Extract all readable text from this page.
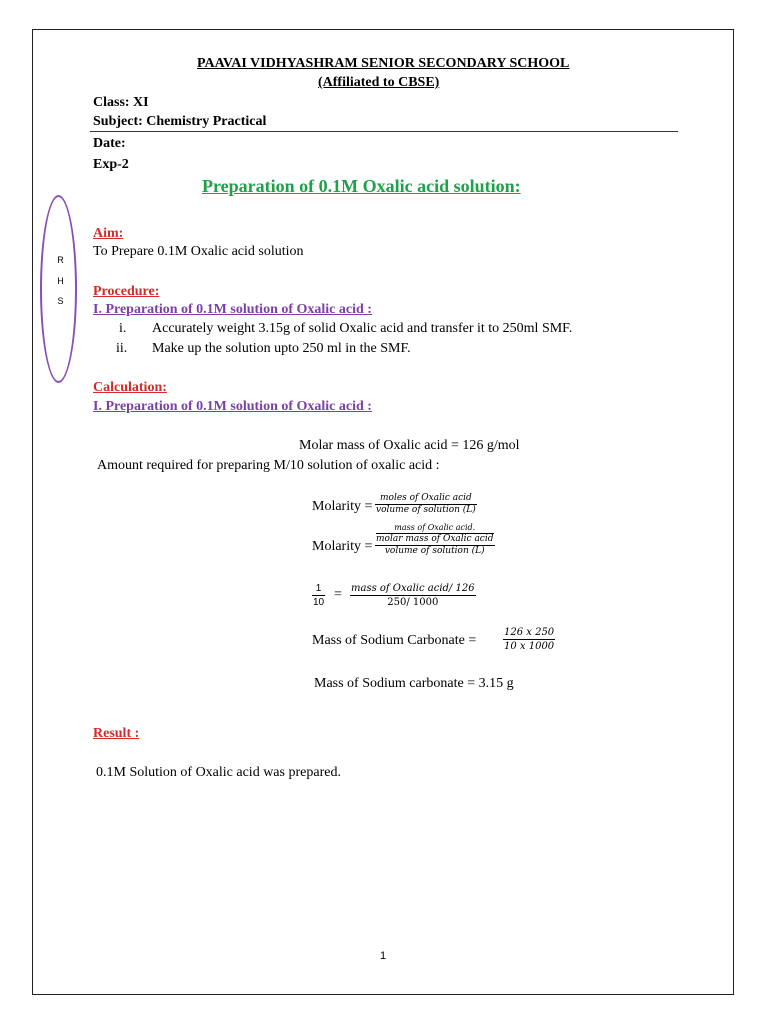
PAAVAI VIDHYASHRAM SENIOR SECONDARY SCHOOL
(Affiliated to CBSE)
Class: XI
Subject: Chemistry Practical
Date:
Exp-2
Preparation of 0.1M Oxalic acid solution:
R
H
S
Aim:
To Prepare 0.1M Oxalic acid solution
Procedure:
I. Preparation of 0.1M solution of Oxalic acid :
i. Accurately weight 3.15g of solid Oxalic acid and transfer it to 250ml SMF.
ii. Make up the solution upto 250 ml in the SMF.
Calculation:
I. Preparation of 0.1M solution of Oxalic acid :
Molar mass of Oxalic acid = 126 g/mol
Amount required for preparing M/10 solution of oxalic acid :
Molarity =
moles of Oxalic acid
volume of solution (L)
Molarity =
mass of Oxalic acid.
molar mass of Oxalic acid
volume of solution (L)
$\frac{1}{10}$ = mass of Oxalic acid/ 126
250/ 1000
Mass of Sodium Carbonate =	$\frac{126 x 250}{10 x 1000}$
Mass of Sodium carbonate = 3.15 g
Result :
0.1M Solution of Oxalic acid was prepared.
1
